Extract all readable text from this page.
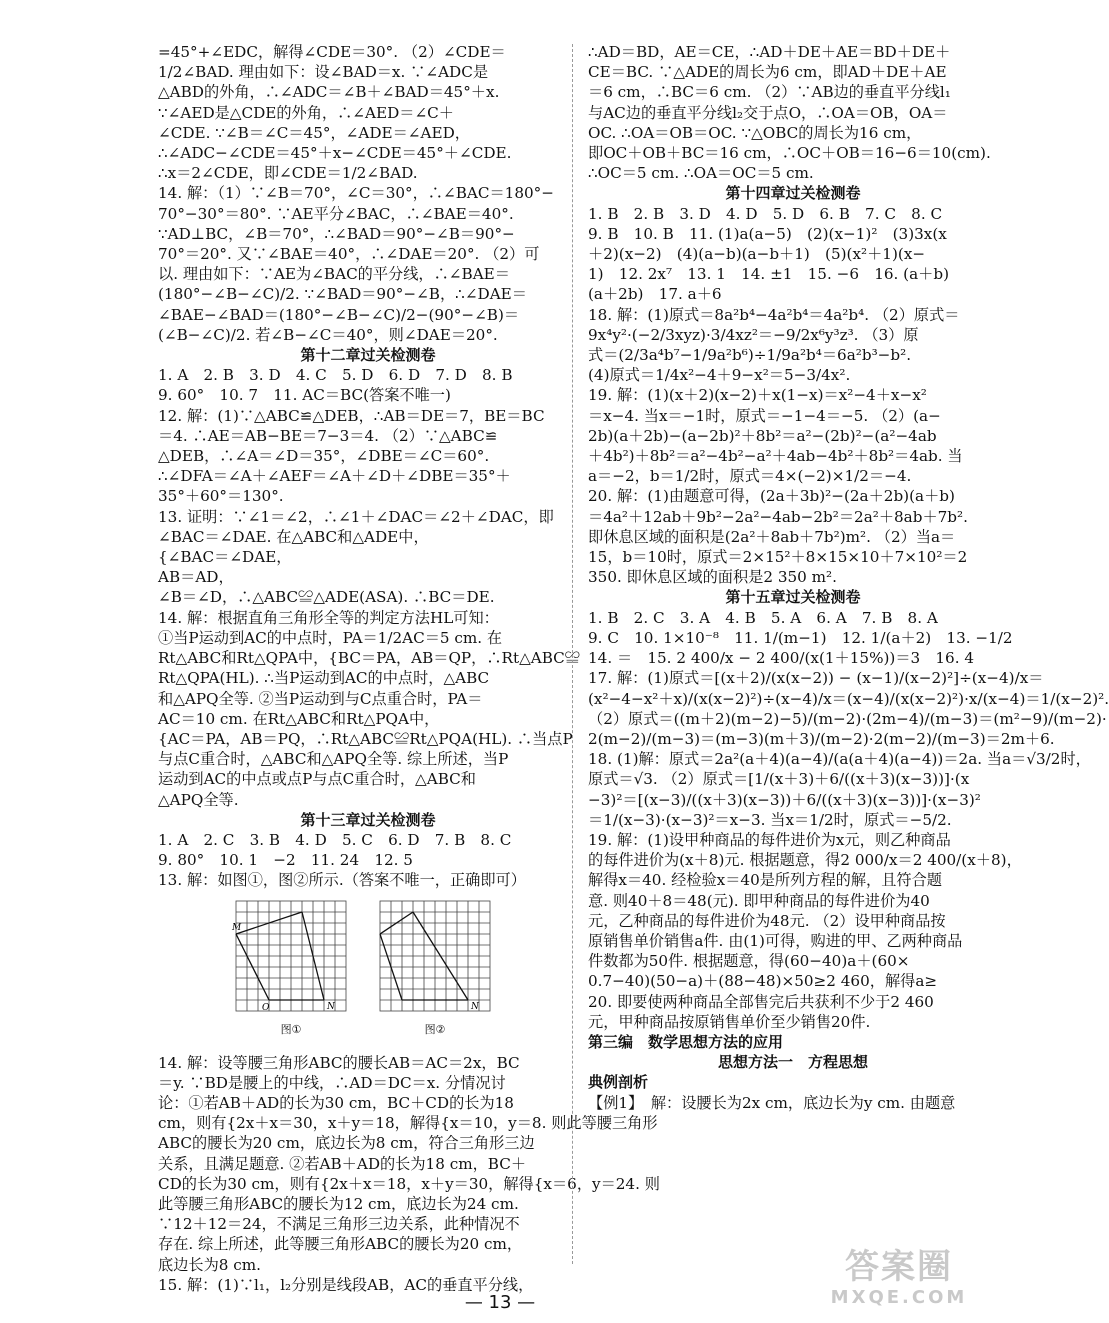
=45°+∠EDC，解得∠CDE＝30°. （2）∠CDE＝
1/2∠BAD. 理由如下：设∠BAD＝x. ∵∠ADC是
△ABD的外角，∴∠ADC＝∠B＋∠BAD＝45°＋x.
∵∠AED是△CDE的外角，∴∠AED＝∠C＋
∠CDE. ∵∠B＝∠C＝45°，∠ADE＝∠AED，
∴∠ADC−∠CDE＝45°＋x−∠CDE＝45°＋∠CDE.
∴x＝2∠CDE，即∠CDE＝1/2∠BAD.
14. 解：（1）∵∠B＝70°，∠C＝30°，∴∠BAC＝180°−
70°−30°＝80°. ∵AE平分∠BAC，∴∠BAE＝40°.
∵AD⊥BC，∠B＝70°，∴∠BAD＝90°−∠B＝90°−
70°＝20°. 又∵∠BAE＝40°，∴∠DAE＝20°. （2）可
以. 理由如下：∵AE为∠BAC的平分线，∴∠BAE＝
(180°−∠B−∠C)/2. ∵∠BAD＝90°−∠B，∴∠DAE＝
∠BAE−∠BAD＝(180°−∠B−∠C)/2−(90°−∠B)＝
(∠B−∠C)/2. 若∠B−∠C＝40°，则∠DAE＝20°.
第十二章过关检测卷
1. A　2. B　3. D　4. C　5. D　6. D　7. D　8. B
9. 60°　10. 7　11. AC＝BC(答案不唯一)
12. 解：(1)∵△ABC≌△DEB，∴AB＝DE＝7，BE＝BC
＝4. ∴AE＝AB−BE＝7−3＝4. （2）∵△ABC≌
△DEB，∴∠A＝∠D＝35°，∠DBE＝∠C＝60°.
∴∠DFA＝∠A＋∠AEF＝∠A＋∠D＋∠DBE＝35°＋
35°＋60°＝130°.
13. 证明：∵∠1＝∠2，∴∠1＋∠DAC＝∠2＋∠DAC，即
∠BAC＝∠DAE. 在△ABC和△ADE中，
{∠BAC＝∠DAE，
AB＝AD，
∠B＝∠D，∴△ABC≌△ADE(ASA). ∴BC＝DE.
14. 解：根据直角三角形全等的判定方法HL可知：
①当P运动到AC的中点时，PA＝1/2AC＝5 cm. 在
Rt△ABC和Rt△QPA中，{BC＝PA，AB＝QP，∴Rt△ABC≌
Rt△QPA(HL). ∴当P运动到AC的中点时，△ABC
和△APQ全等. ②当P运动到与C点重合时，PA＝
AC＝10 cm. 在Rt△ABC和Rt△PQA中，
{AC＝PA，AB＝PQ，∴Rt△ABC≌Rt△PQA(HL). ∴当点P
与点C重合时，△ABC和△APQ全等. 综上所述，当P
运动到AC的中点或点P与点C重合时，△ABC和
△APQ全等.
第十三章过关检测卷
1. A　2. C　3. B　4. D　5. C　6. D　7. B　8. C
9. 80°　10. 1　−2　11. 24　12. 5
13. 解：如图①，图②所示.（答案不唯一，正确即可）
M
N
O
图①
N
图②
14. 解：设等腰三角形ABC的腰长AB＝AC＝2x，BC
＝y. ∵BD是腰上的中线，∴AD＝DC＝x. 分情况讨
论：①若AB＋AD的长为30 cm，BC＋CD的长为18
cm，则有{2x＋x＝30，x＋y＝18，解得{x＝10，y＝8. 则此等腰三角形
ABC的腰长为20 cm，底边长为8 cm，符合三角形三边
关系，且满足题意. ②若AB＋AD的长为18 cm，BC＋
CD的长为30 cm，则有{2x＋x＝18，x＋y＝30，解得{x＝6，y＝24. 则
此等腰三角形ABC的腰长为12 cm，底边长为24 cm.
∵12＋12＝24，不满足三角形三边关系，此种情况不
存在. 综上所述，此等腰三角形ABC的腰长为20 cm，
底边长为8 cm.
15. 解：(1)∵l₁，l₂分别是线段AB，AC的垂直平分线，
∴AD＝BD，AE＝CE，∴AD＋DE＋AE＝BD＋DE＋
CE＝BC. ∵△ADE的周长为6 cm，即AD＋DE＋AE
＝6 cm，∴BC＝6 cm. （2）∵AB边的垂直平分线l₁
与AC边的垂直平分线l₂交于点O，∴OA＝OB，OA＝
OC. ∴OA＝OB＝OC. ∵△OBC的周长为16 cm，
即OC＋OB＋BC＝16 cm，∴OC＋OB＝16−6＝10(cm).
∴OC＝5 cm. ∴OA＝OC＝5 cm.
第十四章过关检测卷
1. B　2. B　3. D　4. D　5. D　6. B　7. C　8. C
9. B　10. B　11. (1)a(a−5)　(2)(x−1)²　(3)3x(x
＋2)(x−2)　(4)(a−b)(a−b＋1)　(5)(x²＋1)(x−
1)　12. 2x⁷　13. 1　14. ±1　15. −6　16. (a＋b)
(a＋2b)　17. a＋6
18. 解：(1)原式＝8a²b⁴−4a²b⁴＝4a²b⁴. （2）原式＝
9x⁴y²·(−2/3xyz)·3/4xz²＝−9/2x⁶y³z³. （3）原
式＝(2/3a⁴b⁷−1/9a²b⁶)÷1/9a²b⁴＝6a²b³−b².
(4)原式＝1/4x²−4＋9−x²＝5−3/4x².
19. 解：(1)(x＋2)(x−2)＋x(1−x)＝x²−4＋x−x²
＝x−4. 当x＝−1时，原式＝−1−4＝−5. （2）(a−
2b)(a＋2b)−(a−2b)²＋8b²＝a²−(2b)²−(a²−4ab
＋4b²)＋8b²＝a²−4b²−a²＋4ab−4b²＋8b²＝4ab. 当
a＝−2，b＝1/2时，原式＝4×(−2)×1/2＝−4.
20. 解：(1)由题意可得，(2a＋3b)²−(2a＋2b)(a＋b)
＝4a²＋12ab＋9b²−2a²−4ab−2b²＝2a²＋8ab＋7b².
即休息区域的面积是(2a²＋8ab＋7b²)m². （2）当a＝
15，b＝10时，原式＝2×15²＋8×15×10＋7×10²＝2
350. 即休息区域的面积是2 350 m².
第十五章过关检测卷
1. B　2. C　3. A　4. B　5. A　6. A　7. B　8. A
9. C　10. 1×10⁻⁸　11. 1/(m−1)　12. 1/(a＋2)　13. −1/2
14. ＝　15. 2 400/x − 2 400/(x(1＋15%))＝3　16. 4
17. 解：(1)原式＝[(x＋2)/(x(x−2)) − (x−1)/(x−2)²]÷(x−4)/x＝
(x²−4−x²＋x)/(x(x−2)²)÷(x−4)/x＝(x−4)/(x(x−2)²)·x/(x−4)＝1/(x−2)².
（2）原式＝((m＋2)(m−2)−5)/(m−2)·(2m−4)/(m−3)＝(m²−9)/(m−2)·
2(m−2)/(m−3)＝(m−3)(m＋3)/(m−2)·2(m−2)/(m−3)＝2m＋6.
18. (1)解：原式＝2a²(a＋4)(a−4)/(a(a＋4)(a−4))＝2a. 当a＝√3/2时，
原式＝√3. （2）原式＝[1/(x＋3)＋6/((x＋3)(x−3))]·(x
−3)²＝[(x−3)/((x＋3)(x−3))＋6/((x＋3)(x−3))]·(x−3)²
＝1/(x−3)·(x−3)²＝x−3. 当x＝1/2时，原式＝−5/2.
19. 解：(1)设甲种商品的每件进价为x元，则乙种商品
的每件进价为(x＋8)元. 根据题意，得2 000/x＝2 400/(x＋8)，
解得x＝40. 经检验x＝40是所列方程的解，且符合题
意. 则40＋8＝48(元). 即甲种商品的每件进价为40
元，乙种商品的每件进价为48元. （2）设甲种商品按
原销售单价销售a件. 由(1)可得，购进的甲、乙两种商品
件数都为50件. 根据题意，得(60−40)a＋(60×
0.7−40)(50−a)＋(88−48)×50≥2 460，解得a≥
20. 即要使两种商品全部售完后共获利不少于2 460
元，甲种商品按原销售单价至少销售20件.
第三编　数学思想方法的应用
思想方法一　方程思想
典例剖析
【例1】　解：设腰长为2x cm，底边长为y cm. 由题意
— 13 —
答案圈
MXQE.COM
